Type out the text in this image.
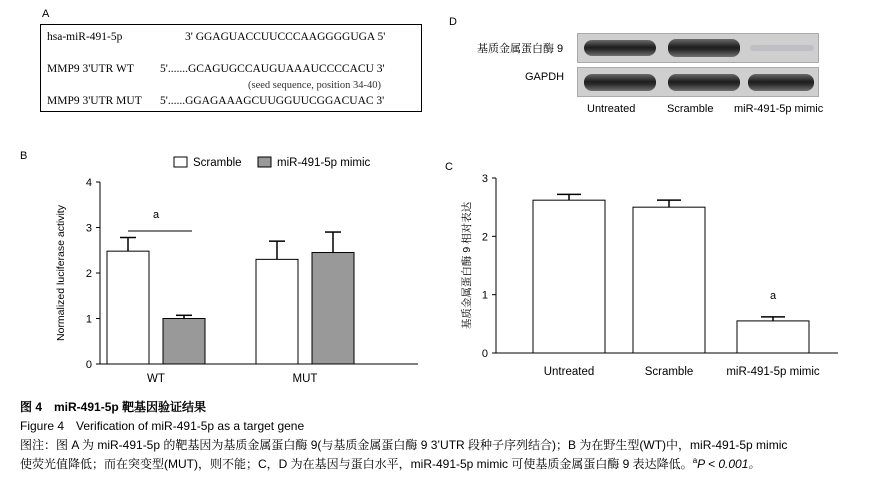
A
hsa-miR-491-5p	3' GGAGUACCUUCCCAAGGGGUGA 5'
MMP9 3'UTR WT 5'.......GCAGUGCCAUGUAAAUCCCCACU 3'
(seed sequence, position 34-40)
MMP9 3'UTR MUT 5'......GGAGAAAGCUUGGUUCGGACUAC 3'
D
基质金属蛋白酶 9
GAPDH
Untreated	Scramble miR-491-5p mimic
B
0
1
2
3
4
Normalized luciferase activity
WT	MUT
a
Scramble	miR-491-5p mimic	C
0
1
2
3
基质金属蛋白酶 9 相对表达
Untreated	Scramble	miR-491-5p mimic
a
图 4　miR-491-5p 靶基因验证结果
Figure 4　Verification of miR-491-5p as a target gene
图注：图 A 为 miR-491-5p 的靶基因为基质金属蛋白酶 9(与基质金属蛋白酶 9 3’UTR 段种子序列结合)；B 为在野生型(WT)中，miR-491-5p mimic
使荧光值降低；而在突变型(MUT)，则不能；C，D 为在基因与蛋白水平，miR-491-5p mimic 可使基质金属蛋白酶 9 表达降低。$^a$P < 0.001。
